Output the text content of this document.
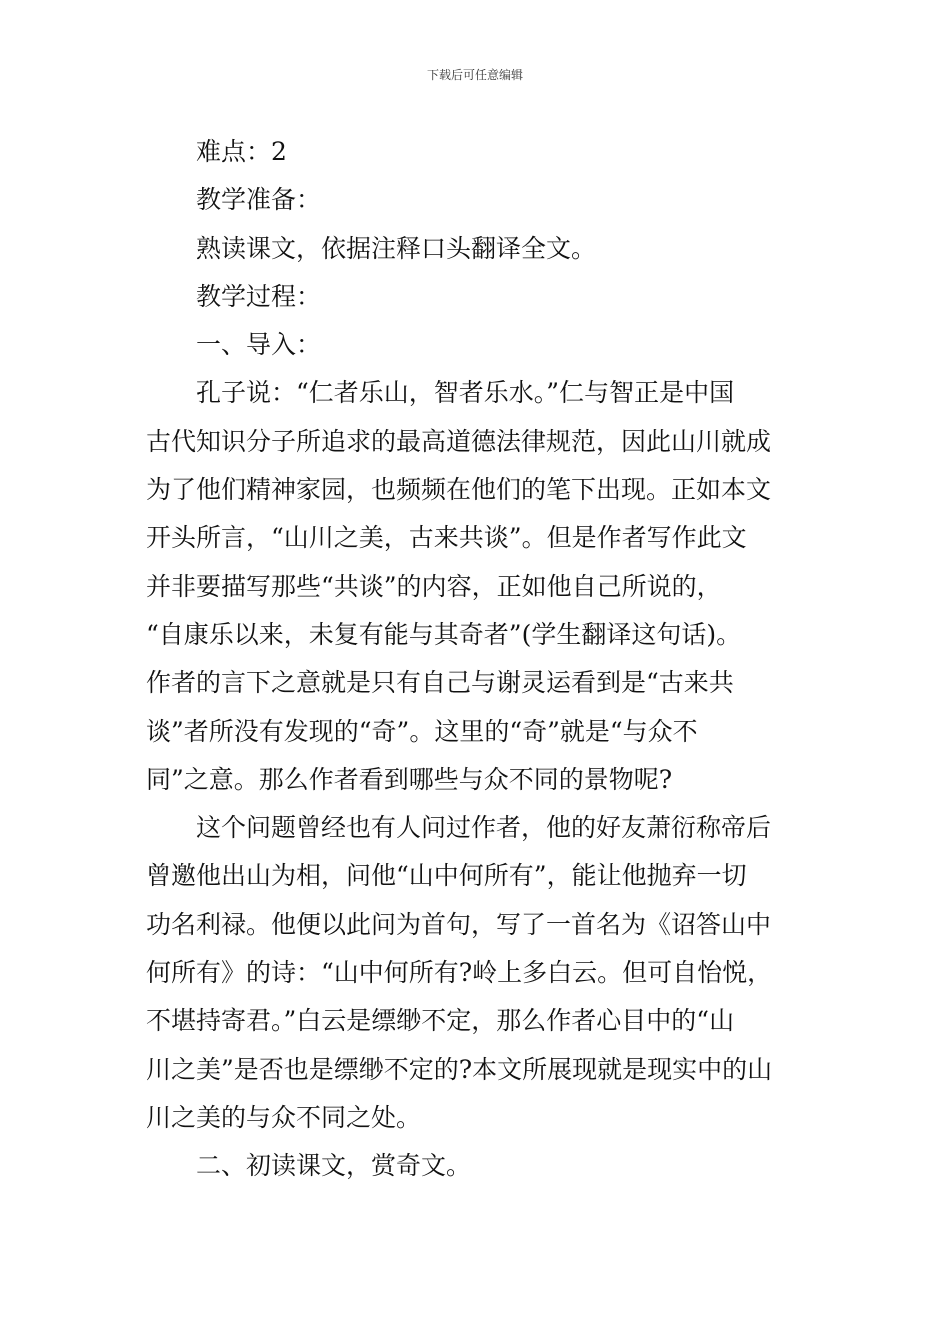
下载后可任意编辑

难点：2

教学准备：

熟读课文，依据注释口头翻译全文。

教学过程：

一、导入：

孔子说：“仁者乐山，智者乐水。”仁与智正是中国

古代知识分子所追求的最高道德法律规范，因此山川就成

为了他们精神家园，也频频在他们的笔下出现。正如本文

开头所言，“山川之美，古来共谈”。但是作者写作此文

并非要描写那些“共谈”的内容，正如他自己所说的，

“自康乐以来，未复有能与其奇者”(学生翻译这句话)。

作者的言下之意就是只有自己与谢灵运看到是“古来共

谈”者所没有发现的“奇”。这里的“奇”就是“与众不

同”之意。那么作者看到哪些与众不同的景物呢?

这个问题曾经也有人问过作者，他的好友萧衍称帝后

曾邀他出山为相，问他“山中何所有”，能让他抛弃一切

功名利禄。他便以此问为首句，写了一首名为《诏答山中

何所有》的诗：“山中何所有?岭上多白云。但可自怡悦，

不堪持寄君。”白云是缥缈不定，那么作者心目中的“山

川之美”是否也是缥缈不定的?本文所展现就是现实中的山

川之美的与众不同之处。

二、初读课文，赏奇文。
